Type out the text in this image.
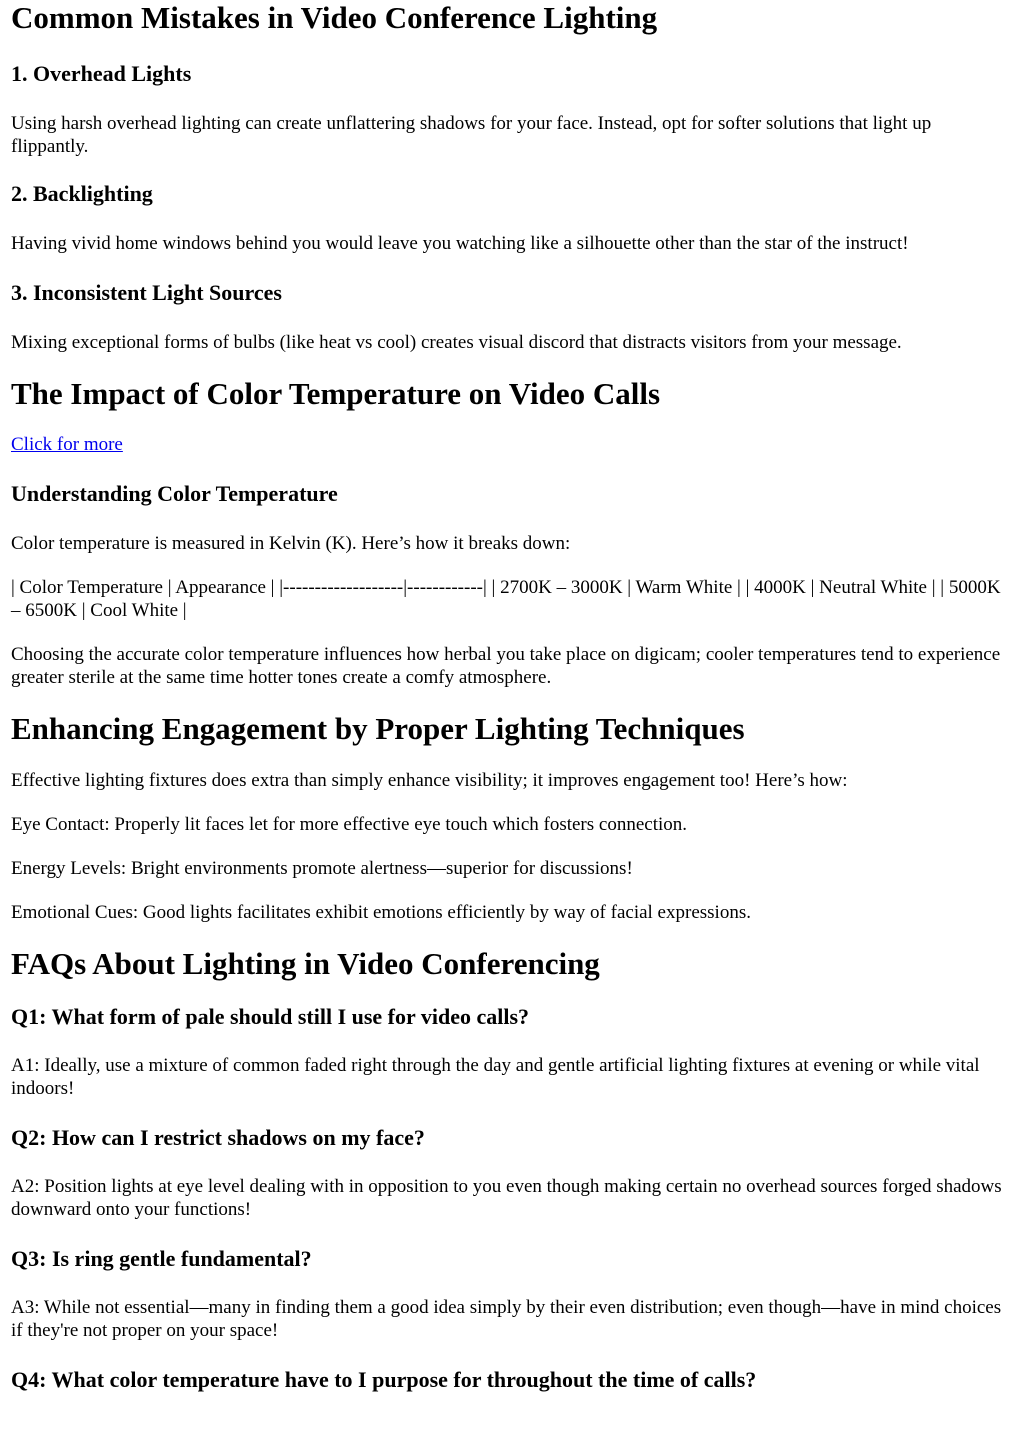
Common Mistakes in Video Conference Lighting
1. Overhead Lights

Using harsh overhead lighting can create unflattering shadows for your face. Instead, opt for softer solutions that light up flippantly.

2. Backlighting

Having vivid home windows behind you would leave you watching like a silhouette other than the star of the instruct!

3. Inconsistent Light Sources

Mixing exceptional forms of bulbs (like heat vs cool) creates visual discord that distracts visitors from your message.

The Impact of Color Temperature on Video Calls

Click for more

Understanding Color Temperature

Color temperature is measured in Kelvin (K). Here’s how it breaks down:

| Color Temperature | Appearance | |-------------------|------------| | 2700K – 3000K | Warm White | | 4000K | Neutral White | | 5000K – 6500K | Cool White |

Choosing the accurate color temperature influences how herbal you take place on digicam; cooler temperatures tend to experience greater sterile at the same time hotter tones create a comfy atmosphere.

Enhancing Engagement by Proper Lighting Techniques

Effective lighting fixtures does extra than simply enhance visibility; it improves engagement too! Here’s how:

Eye Contact: Properly lit faces let for more effective eye touch which fosters connection.

Energy Levels: Bright environments promote alertness—superior for discussions!

Emotional Cues: Good lights facilitates exhibit emotions efficiently by way of facial expressions.

FAQs About Lighting in Video Conferencing
Q1: What form of pale should still I use for video calls?

A1: Ideally, use a mixture of common faded right through the day and gentle artificial lighting fixtures at evening or while vital indoors!

Q2: How can I restrict shadows on my face?

A2: Position lights at eye level dealing with in opposition to you even though making certain no overhead sources forged shadows downward onto your functions!

Q3: Is ring gentle fundamental?

A3: While not essential—many in finding them a good idea simply by their even distribution; even though—have in mind choices if they're not proper on your space!

Q4: What color temperature have to I purpose for throughout the time of calls?
